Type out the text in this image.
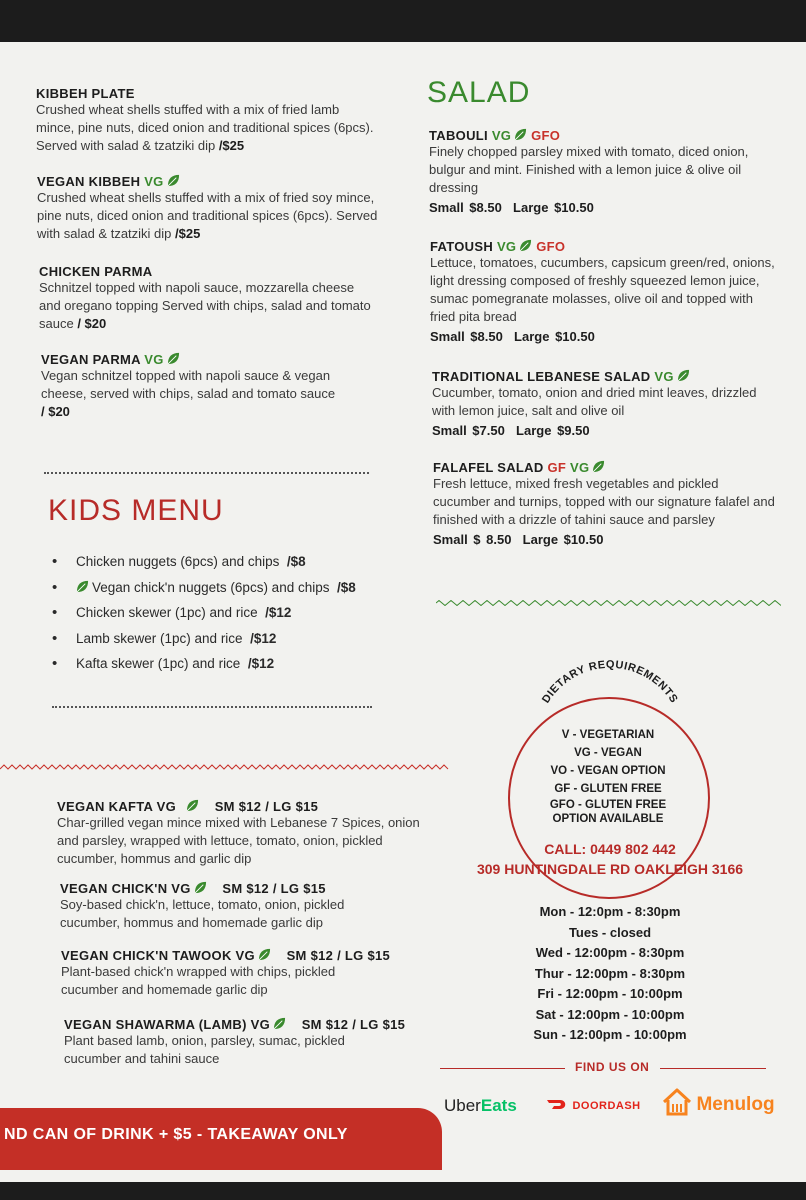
KIBBEH PLATE
Crushed wheat shells stuffed with a mix of fried lamb mince, pine nuts, diced onion and traditional spices (6pcs). Served with salad & tzatziki dip /$25
VEGAN KIBBEH VG
Crushed wheat shells stuffed with a mix of fried soy mince, pine nuts, diced onion and traditional spices (6pcs). Served with salad & tzatziki dip /$25
CHICKEN PARMA
Schnitzel topped with napoli sauce, mozzarella cheese and oregano topping Served with chips, salad and tomato sauce / $20
VEGAN PARMA VG
Vegan schnitzel topped with napoli sauce & vegan cheese, served with chips, salad and tomato sauce / $20
KIDS MENU
• Chicken nuggets (6pcs) and chips /$8
• Vegan chick'n nuggets (6pcs) and chips /$8
• Chicken skewer (1pc) and rice /$12
• Lamb skewer (1pc) and rice /$12
• Kafta skewer (1pc) and rice /$12
VEGAN KAFTA VG	SM $12 / LG $15
Char-grilled vegan mince mixed with Lebanese 7 Spices, onion and parsley, wrapped with lettuce, tomato, onion, pickled cucumber, hommus and garlic dip
VEGAN CHICK'N VG SM $12 / LG $15
Soy-based chick'n, lettuce, tomato, onion, pickled cucumber, hommus and homemade garlic dip
VEGAN CHICK'N TAWOOK VG SM $12 / LG $15
Plant-based chick'n wrapped with chips, pickled cucumber and homemade garlic dip
VEGAN SHAWARMA (LAMB) VG SM $12 / LG $15
Plant based lamb, onion, parsley, sumac, pickled cucumber and tahini sauce
SALAD
TABOULI VG GFO
Finely chopped parsley mixed with tomato, diced onion, bulgur and mint. Finished with a lemon juice & olive oil dressing
Small $8.50  Large $10.50
FATOUSH VG GFO
Lettuce, tomatoes, cucumbers, capsicum green/red, onions, light dressing composed of freshly squeezed lemon juice, sumac pomegranate molasses, olive oil and topped with fried pita bread
Small $8.50  Large $10.50
TRADITIONAL LEBANESE SALAD VG
Cucumber, tomato, onion and dried mint leaves, drizzled with lemon juice, salt and olive oil
Small $7.50  Large $9.50
FALAFEL SALAD GF VG
Fresh lettuce, mixed fresh vegetables and pickled cucumber and turnips, topped with our signature falafel and finished with a drizzle of tahini sauce and parsley
Small $ 8.50  Large $10.50
DIETARY REQUIREMENTS
V - VEGETARIAN
VG - VEGAN
VO - VEGAN OPTION
GF - GLUTEN FREE
GFO - GLUTEN FREE
OPTION AVAILABLE
CALL: 0449 802 442
309 HUNTINGDALE RD OAKLEIGH 3166
Mon - 12:0pm - 8:30pm
Tues - closed
Wed - 12:00pm - 8:30pm
Thur - 12:00pm - 8:30pm
Fri - 12:00pm - 10:00pm
Sat - 12:00pm - 10:00pm
Sun - 12:00pm - 10:00pm
FIND US ON
UberEats	DOORDASH	Menulog
ND CAN OF DRINK + $5 - TAKEAWAY ONLY
